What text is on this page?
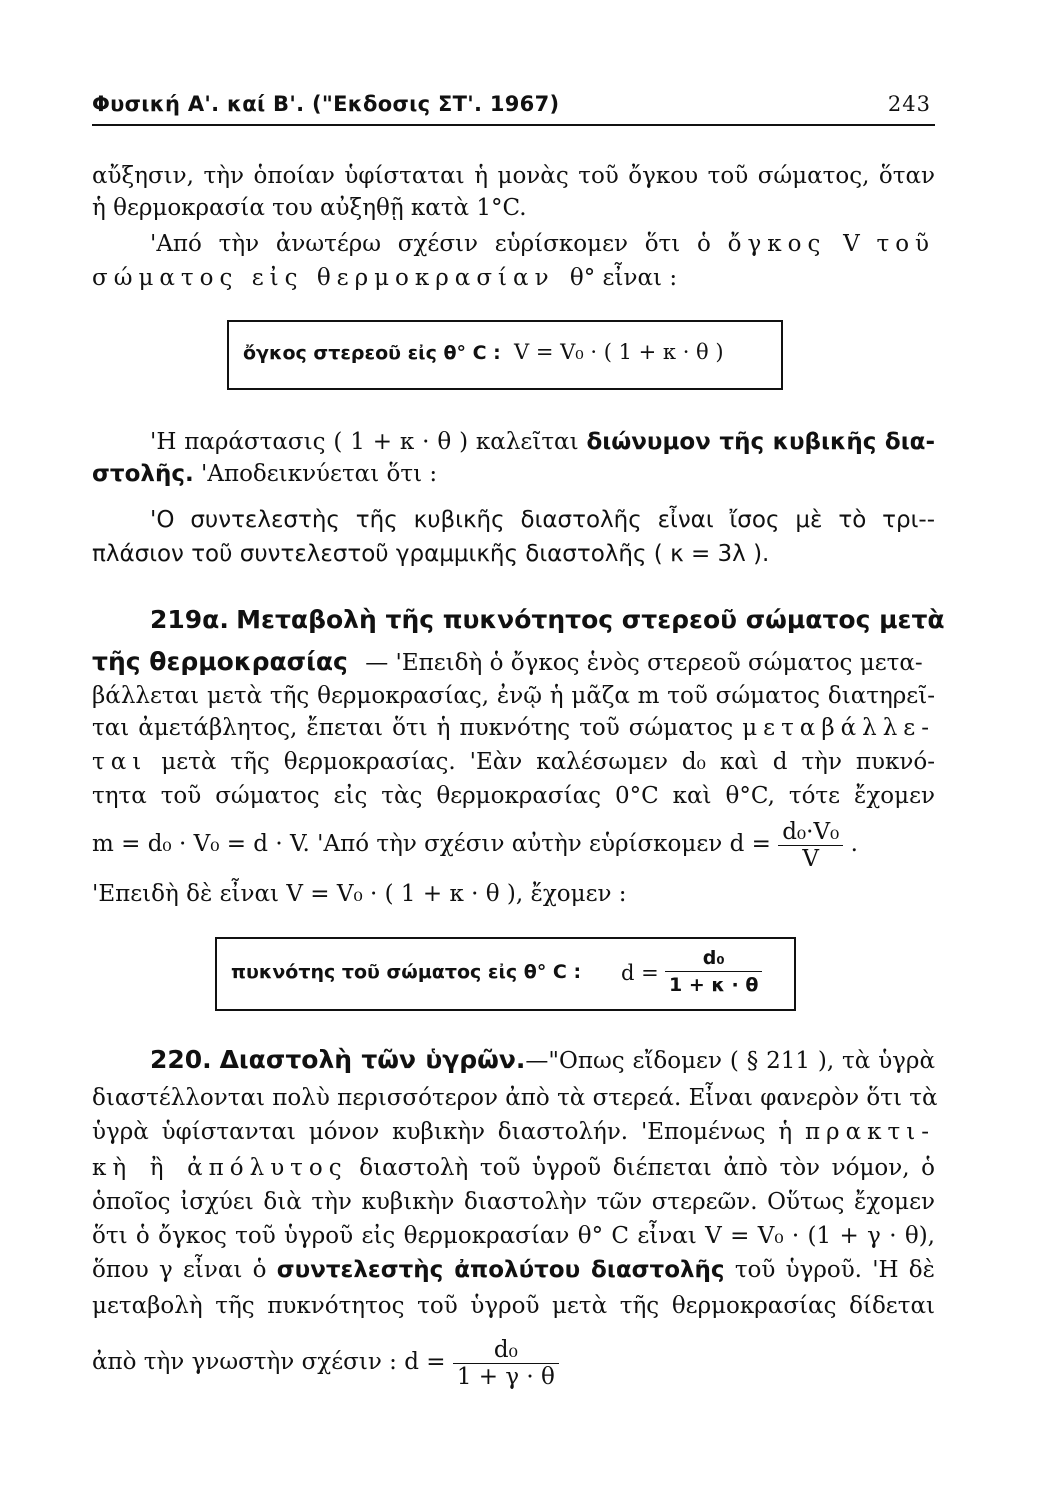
Φυσική Α'. καί Β'. ("Εκδοσις ΣΤ'. 1967)	243
αὔξησιν, τὴν ὁποίαν ὑφίσταται ἡ μονὰς τοῦ ὄγκου τοῦ σώματος, ὅταν
ἡ θερμοκρασία του αὐξηθῇ κατὰ 1°C.
'Από τὴν ἀνωτέρω σχέσιν εὑρίσκομεν ὅτι ὁ ὄγκος V τοῦ
σώματος εἰς θερμοκρασίαν θ° εἶναι :
ὄγκος στερεοῦ εἰς θ° C : V = V₀ · ( 1 + κ · θ )
'Η παράστασις ( 1 + κ · θ ) καλεῖται διώνυμον τῆς κυβικῆς δια-
στολῆς. 'Αποδεικνύεται ὅτι :
'Ο συντελεστὴς τῆς κυβικῆς διαστολῆς εἶναι ἴσος μὲ τὸ τρι--
πλάσιον τοῦ συντελεστοῦ γραμμικῆς διαστολῆς ( κ = 3λ ).
219α. Μεταβολὴ τῆς πυκνότητος στερεοῦ σώματος μετὰ
τῆς θερμοκρασίας — 'Επειδὴ ὁ ὄγκος ἑνὸς στερεοῦ σώματος μετα-
βάλλεται μετὰ τῆς θερμοκρασίας, ἐνῷ ἡ μᾶζα m τοῦ σώματος διατηρεῖ-
ται ἀμετάβλητος, ἔπεται ὅτι ἡ πυκνότης τοῦ σώματος μεταβάλλε-
ται μετὰ τῆς θερμοκρασίας. 'Εὰν καλέσωμεν d₀ καὶ d τὴν πυκνό-
τητα τοῦ σώματος εἰς τὰς θερμοκρασίας 0°C καὶ θ°C, τότε ἔχομεν
m = d₀ · V₀ = d · V. 'Από τὴν σχέσιν αὐτὴν εὑρίσκομεν $d = \frac{\text{d₀·V₀}}{V}$ .
'Επειδὴ δὲ εἶναι V = V₀ · ( 1 + κ · θ ), ἔχομεν :
πυκνότης τοῦ σώματος εἰς θ° C : $d = \frac{\text{d₀}}{1 + \kappa \cdot \theta}$
220. Διαστολὴ τῶν ὑγρῶν.—"Οπως εἴδομεν ( § 211 ), τὰ ὑγρὰ
διαστέλλονται πολὺ περισσότερον ἀπὸ τὰ στερεά. Εἶναι φανερὸν ὅτι τὰ
ὑγρὰ ὑφίστανται μόνον κυβικὴν διαστολήν. 'Επομένως ἡ πρακτι-
κὴ ἢ ἀπόλυτος διαστολὴ τοῦ ὑγροῦ διέπεται ἀπὸ τὸν νόμον, ὁ
ὁποῖος ἰσχύει διὰ τὴν κυβικὴν διαστολὴν τῶν στερεῶν. Οὕτως ἔχομεν
ὅτι ὁ ὄγκος τοῦ ὑγροῦ εἰς θερμοκρασίαν θ° C εἶναι V = V₀ · (1 + γ · θ),
ὅπου γ εἶναι ὁ συντελεστὴς ἀπολύτου διαστολῆς τοῦ ὑγροῦ. 'Η δὲ
μεταβολὴ τῆς πυκνότητος τοῦ ὑγροῦ μετὰ τῆς θερμοκρασίας δίδεται
ἀπὸ τὴν γνωστὴν σχέσιν : $d = \frac{\text{d₀}}{1 + \gamma \cdot \theta}$
